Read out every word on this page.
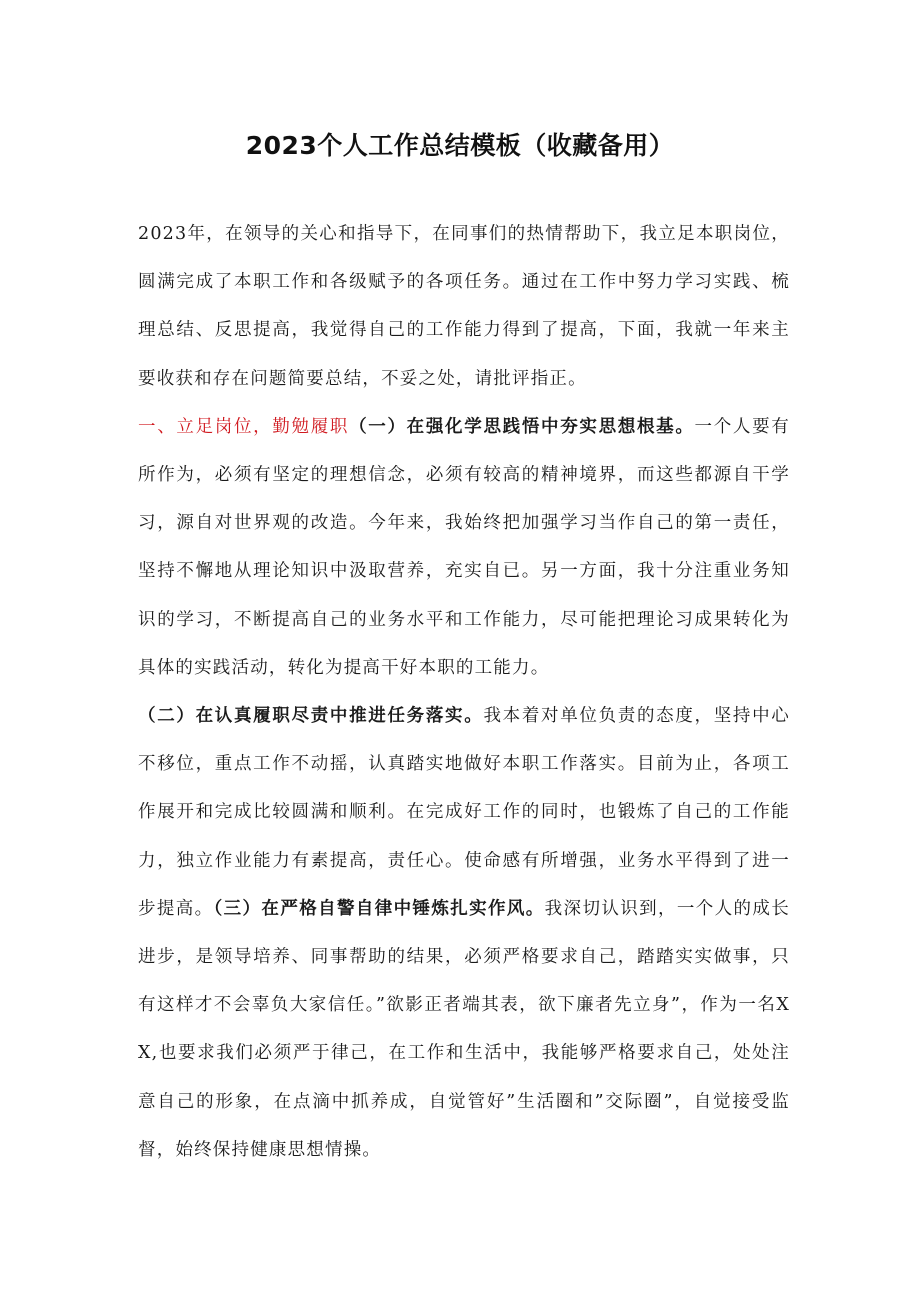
2023个人工作总结模板（收藏备用）

2023年，在领导的关心和指导下，在同事们的热情帮助下，我立足本职岗位，圆满完成了本职工作和各级赋予的各项任务。通过在工作中努力学习实践、梳理总结、反思提高，我觉得自己的工作能力得到了提高，下面，我就一年来主要收获和存在问题简要总结，不妥之处，请批评指正。

一、立足岗位，勤勉履职（一）在强化学思践悟中夯实思想根基。一个人要有所作为，必须有坚定的理想信念，必须有较高的精神境界，而这些都源自干学习，源自对世界观的改造。今年来，我始终把加强学习当作自己的第一责任，坚持不懈地从理论知识中汲取营养，充实自已。另一方面，我十分注重业务知识的学习，不断提高自己的业务水平和工作能力，尽可能把理论习成果转化为具体的实践活动，转化为提高干好本职的工能力。

（二）在认真履职尽责中推进任务落实。我本着对单位负责的态度，坚持中心不移位，重点工作不动摇，认真踏实地做好本职工作落实。目前为止，各项工作展开和完成比较圆满和顺利。在完成好工作的同时，也锻炼了自己的工作能力，独立作业能力有素提高，责任心。使命感有所增强，业务水平得到了进一步提高。（三）在严格自警自律中锤炼扎实作风。我深切认识到，一个人的成长进步，是领导培养、同事帮助的结果，必须严格要求自己，踏踏实实做事，只有这样才不会辜负大家信任。”欲影正者端其表，欲下廉者先立身”，作为一名XX,也要求我们必须严于律己，在工作和生活中，我能够严格要求自己，处处注意自己的形象，在点滴中抓养成，自觉管好”生活圈和”交际圈”，自觉接受监督，始终保持健康思想情操。
